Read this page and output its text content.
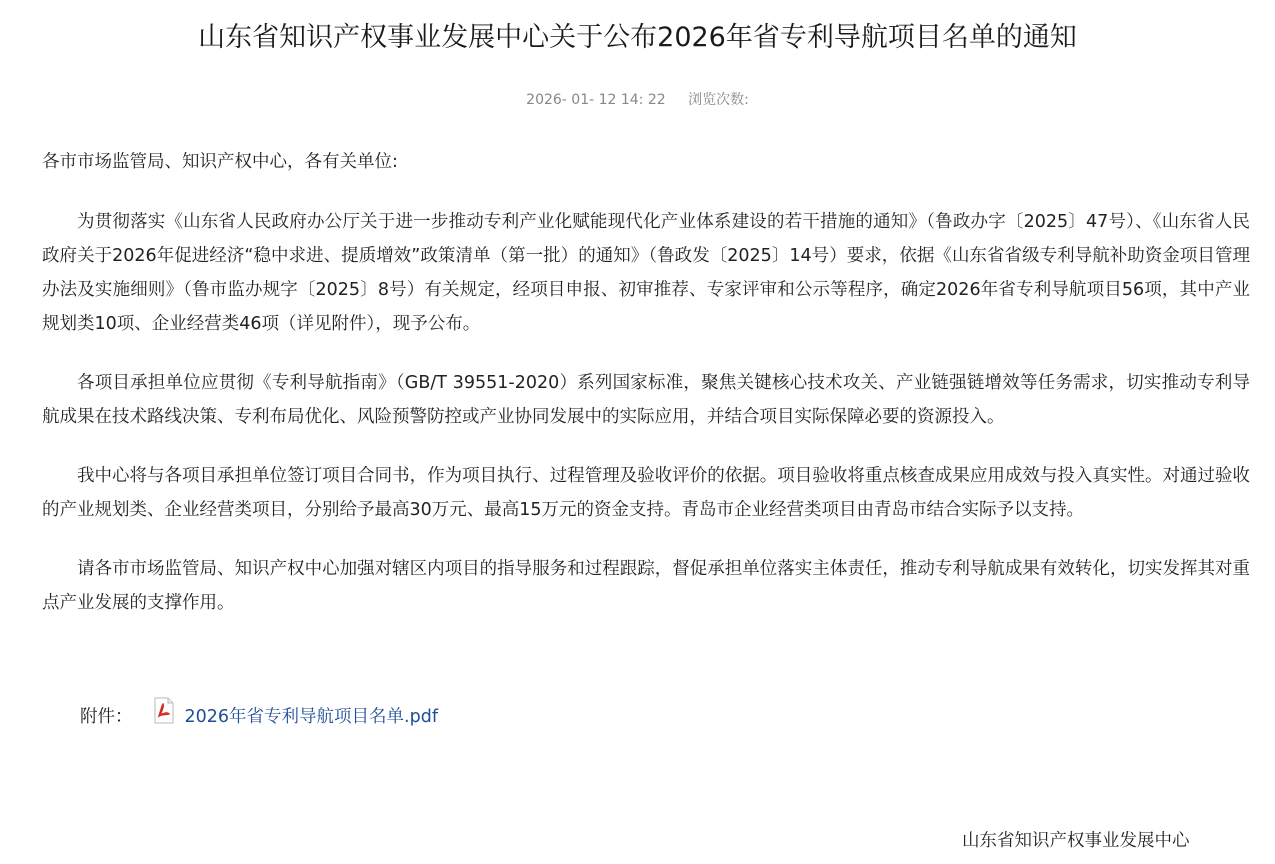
山东省知识产权事业发展中心关于公布2026年省专利导航项目名单的通知
2026- 01- 12 14: 22 浏览次数:

各市市场监管局、知识产权中心，各有关单位:

为贯彻落实《山东省人民政府办公厅关于进一步推动专利产业化赋能现代化产业体系建设的若干措施的通知》（鲁政办字〔2025〕47号）、《山东省人民政府关于2026年促进经济“稳中求进、提质增效”政策清单（第一批）的通知》（鲁政发〔2025〕14号）要求，依据《山东省省级专利导航补助资金项目管理办法及实施细则》（鲁市监办规字〔2025〕8号）有关规定，经项目申报、初审推荐、专家评审和公示等程序，确定2026年省专利导航项目56项，其中产业规划类10项、企业经营类46项（详见附件），现予公布。

各项目承担单位应贯彻《专利导航指南》（GB/T 39551-2020）系列国家标准，聚焦关键核心技术攻关、产业链强链增效等任务需求，切实推动专利导航成果在技术路线决策、专利布局优化、风险预警防控或产业协同发展中的实际应用，并结合项目实际保障必要的资源投入。

我中心将与各项目承担单位签订项目合同书，作为项目执行、过程管理及验收评价的依据。项目验收将重点核查成果应用成效与投入真实性。对通过验收的产业规划类、企业经营类项目，分别给予最高30万元、最高15万元的资金支持。青岛市企业经营类项目由青岛市结合实际予以支持。

请各市市场监管局、知识产权中心加强对辖区内项目的指导服务和过程跟踪，督促承担单位落实主体责任，推动专利导航成果有效转化，切实发挥其对重点产业发展的支撑作用。

附件：	2026年省专利导航项目名单.pdf
山东省知识产权事业发展中心
